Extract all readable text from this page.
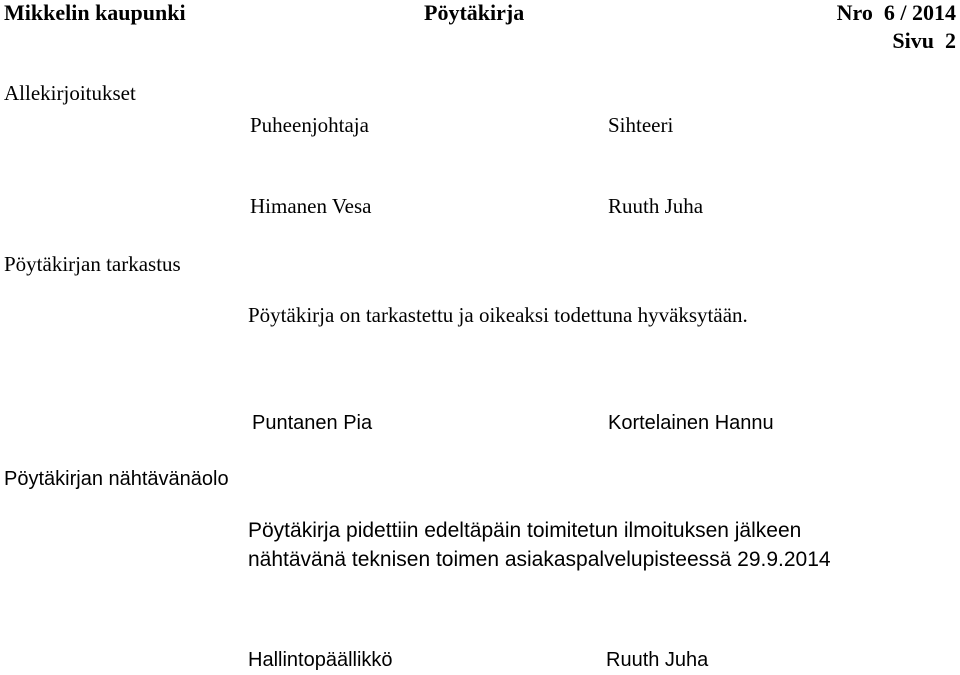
Mikkelin kaupunki	Pöytäkirja	Nro  6 / 2014
Sivu  2
Allekirjoitukset
Puheenjohtaja	Sihteeri
Himanen Vesa	Ruuth Juha
Pöytäkirjan tarkastus
Pöytäkirja on tarkastettu ja oikeaksi todettuna hyväksytään.
Puntanen Pia	Kortelainen Hannu
Pöytäkirjan nähtävänäolo
Pöytäkirja pidettiin edeltäpäin toimitetun ilmoituksen jälkeen
nähtävänä teknisen toimen asiakaspalvelupisteessä 29.9.2014
Hallintopäällikkö	Ruuth Juha
